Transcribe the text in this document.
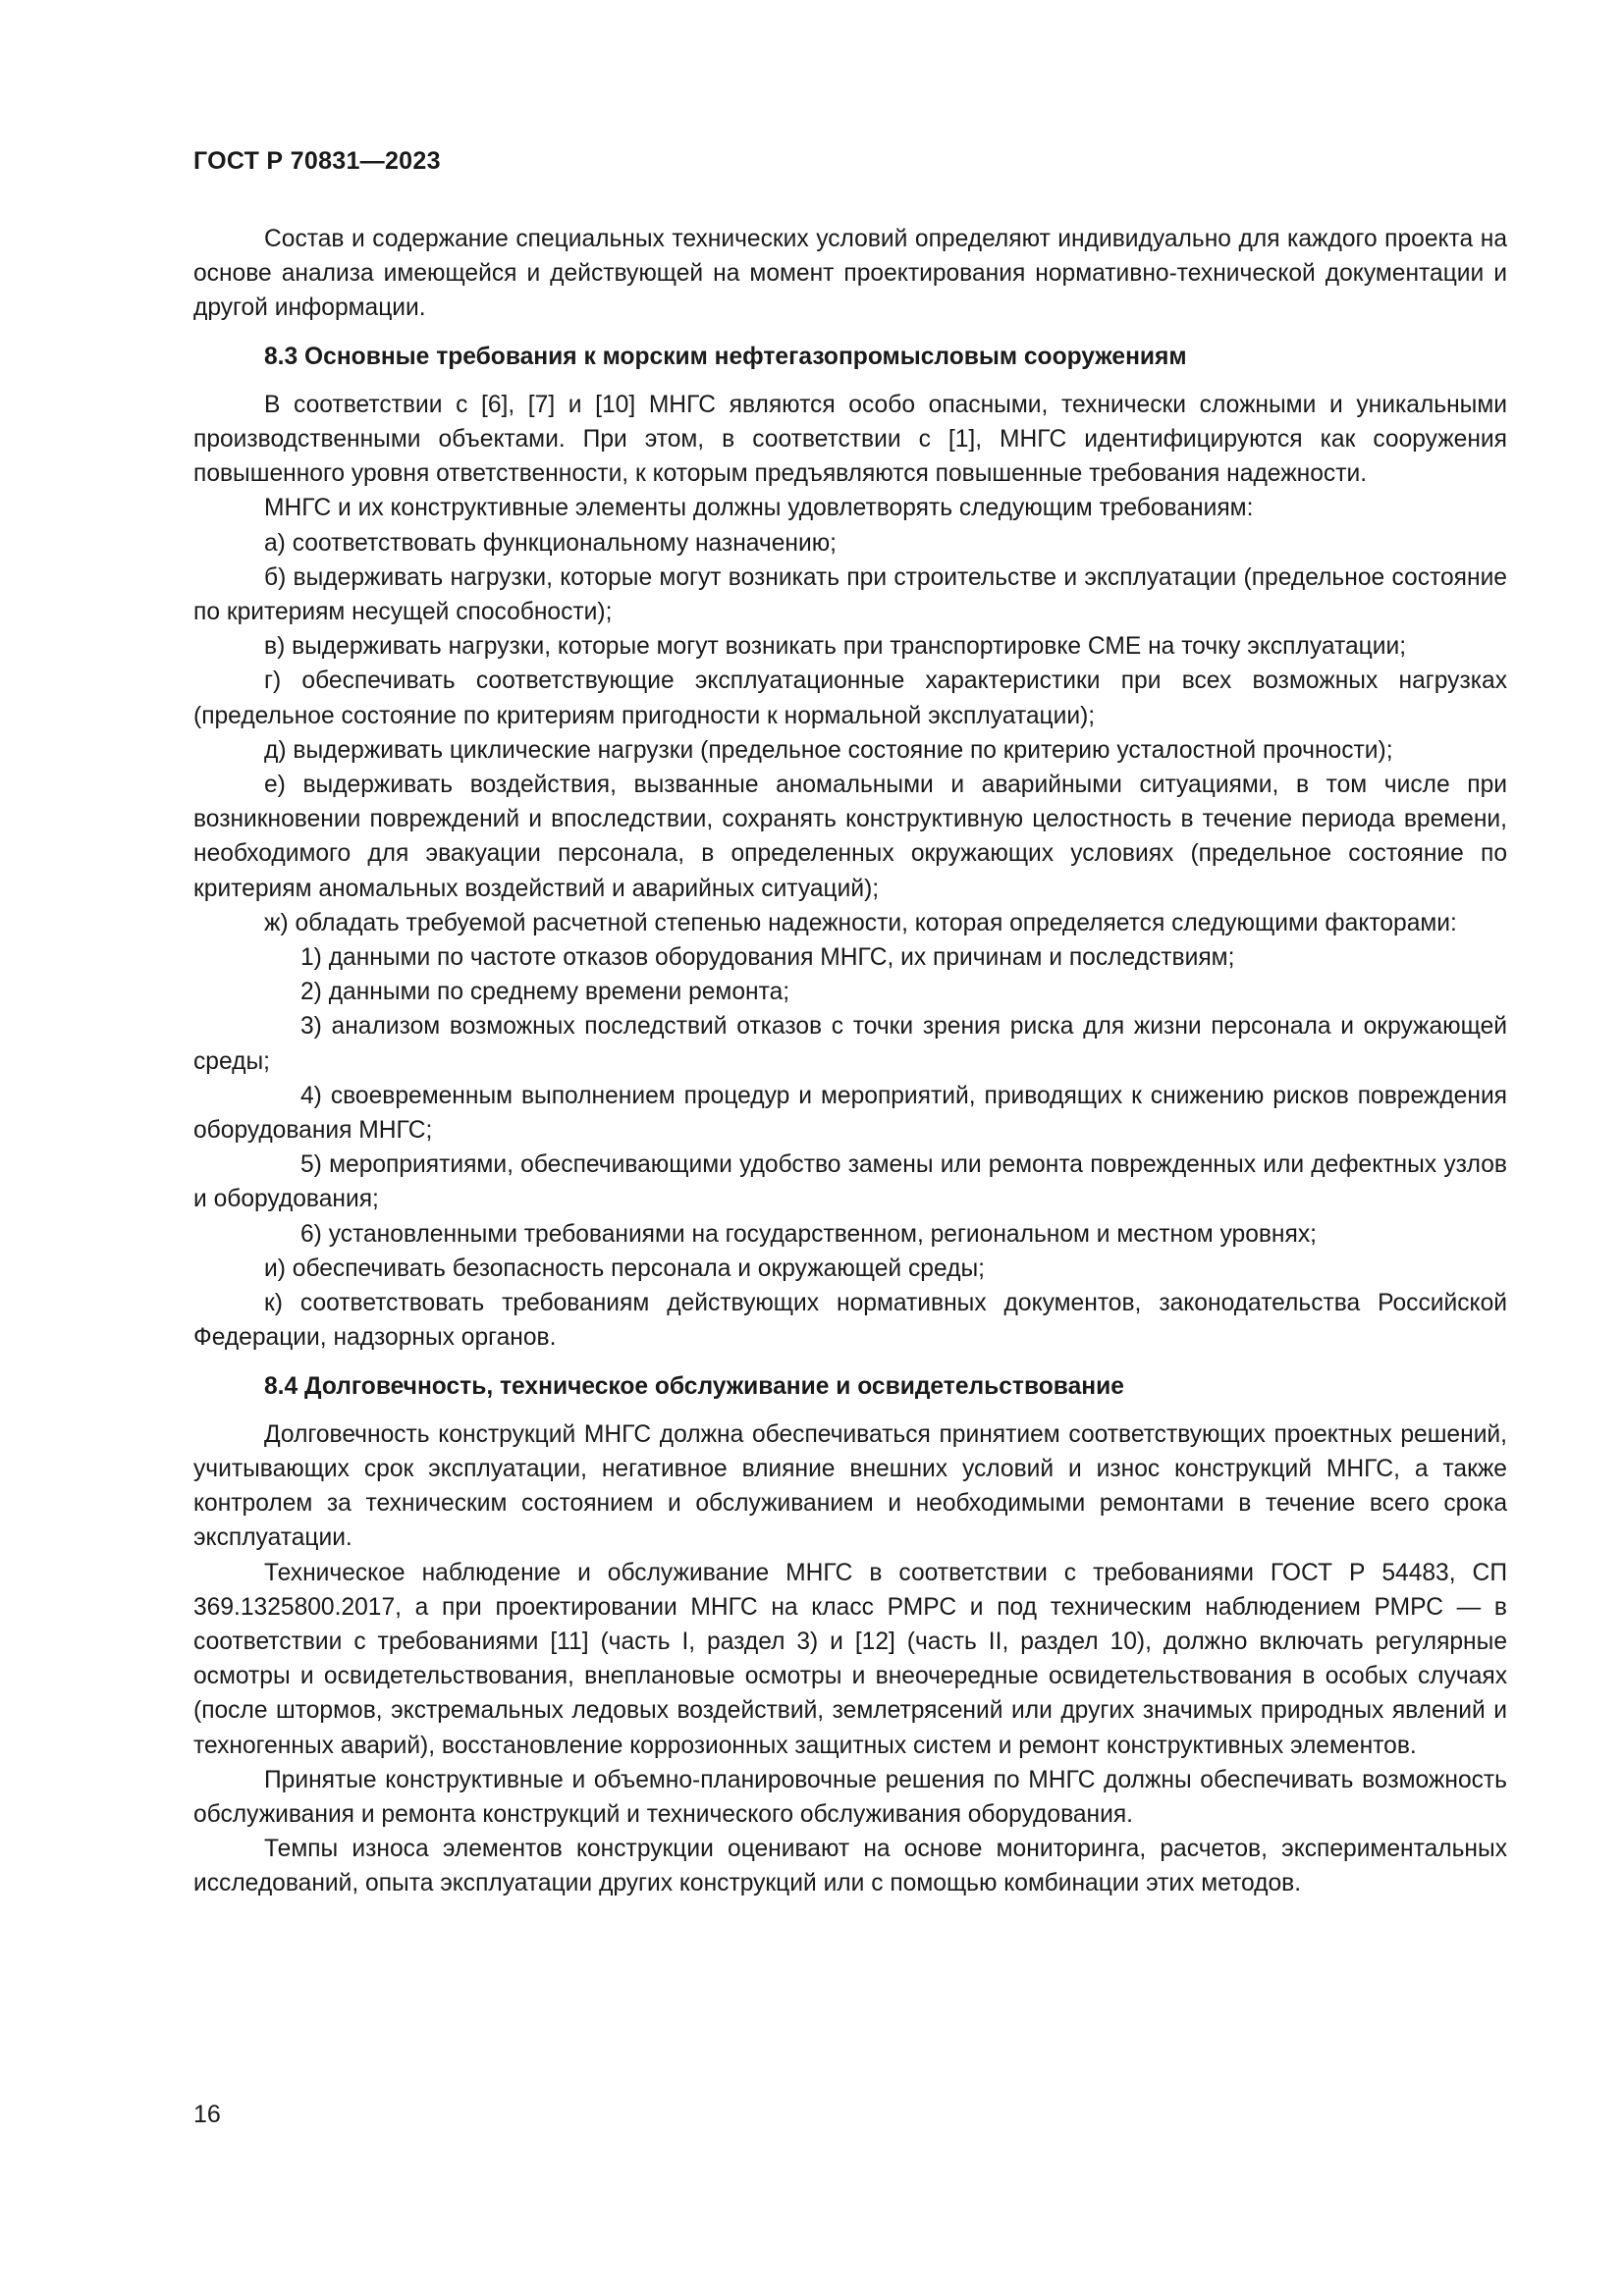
ГОСТ Р 70831—2023

Состав и содержание специальных технических условий определяют индивидуально для каждого проекта на основе анализа имеющейся и действующей на момент проектирования нормативно-технической документации и другой информации.

8.3 Основные требования к морским нефтегазопромысловым сооружениям

В соответствии с [6], [7] и [10] МНГС являются особо опасными, технически сложными и уникальными производственными объектами. При этом, в соответствии с [1], МНГС идентифицируются как сооружения повышенного уровня ответственности, к которым предъявляются повышенные требования надежности.

МНГС и их конструктивные элементы должны удовлетворять следующим требованиям:

а) соответствовать функциональному назначению;

б) выдерживать нагрузки, которые могут возникать при строительстве и эксплуатации (предельное состояние по критериям несущей способности);

в) выдерживать нагрузки, которые могут возникать при транспортировке СМЕ на точку эксплуатации;

г) обеспечивать соответствующие эксплуатационные характеристики при всех возможных нагрузках (предельное состояние по критериям пригодности к нормальной эксплуатации);

д) выдерживать циклические нагрузки (предельное состояние по критерию усталостной прочности);

е) выдерживать воздействия, вызванные аномальными и аварийными ситуациями, в том числе при возникновении повреждений и впоследствии, сохранять конструктивную целостность в течение периода времени, необходимого для эвакуации персонала, в определенных окружающих условиях (предельное состояние по критериям аномальных воздействий и аварийных ситуаций);

ж) обладать требуемой расчетной степенью надежности, которая определяется следующими факторами:

1) данными по частоте отказов оборудования МНГС, их причинам и последствиям;

2) данными по среднему времени ремонта;

3) анализом возможных последствий отказов с точки зрения риска для жизни персонала и окружающей среды;

4) своевременным выполнением процедур и мероприятий, приводящих к снижению рисков повреждения оборудования МНГС;

5) мероприятиями, обеспечивающими удобство замены или ремонта поврежденных или дефектных узлов и оборудования;

6) установленными требованиями на государственном, региональном и местном уровнях;

и) обеспечивать безопасность персонала и окружающей среды;

к) соответствовать требованиям действующих нормативных документов, законодательства Российской Федерации, надзорных органов.

8.4 Долговечность, техническое обслуживание и освидетельствование

Долговечность конструкций МНГС должна обеспечиваться принятием соответствующих проектных решений, учитывающих срок эксплуатации, негативное влияние внешних условий и износ конструкций МНГС, а также контролем за техническим состоянием и обслуживанием и необходимыми ремонтами в течение всего срока эксплуатации.

Техническое наблюдение и обслуживание МНГС в соответствии с требованиями ГОСТ Р 54483, СП 369.1325800.2017, а при проектировании МНГС на класс РМРС и под техническим наблюдением РМРС — в соответствии с требованиями [11] (часть I, раздел 3) и [12] (часть II, раздел 10), должно включать регулярные осмотры и освидетельствования, внеплановые осмотры и внеочередные освидетельствования в особых случаях (после штормов, экстремальных ледовых воздействий, землетрясений или других значимых природных явлений и техногенных аварий), восстановление коррозионных защитных систем и ремонт конструктивных элементов.

Принятые конструктивные и объемно-планировочные решения по МНГС должны обеспечивать возможность обслуживания и ремонта конструкций и технического обслуживания оборудования.

Темпы износа элементов конструкции оценивают на основе мониторинга, расчетов, экспериментальных исследований, опыта эксплуатации других конструкций или с помощью комбинации этих методов.

16
